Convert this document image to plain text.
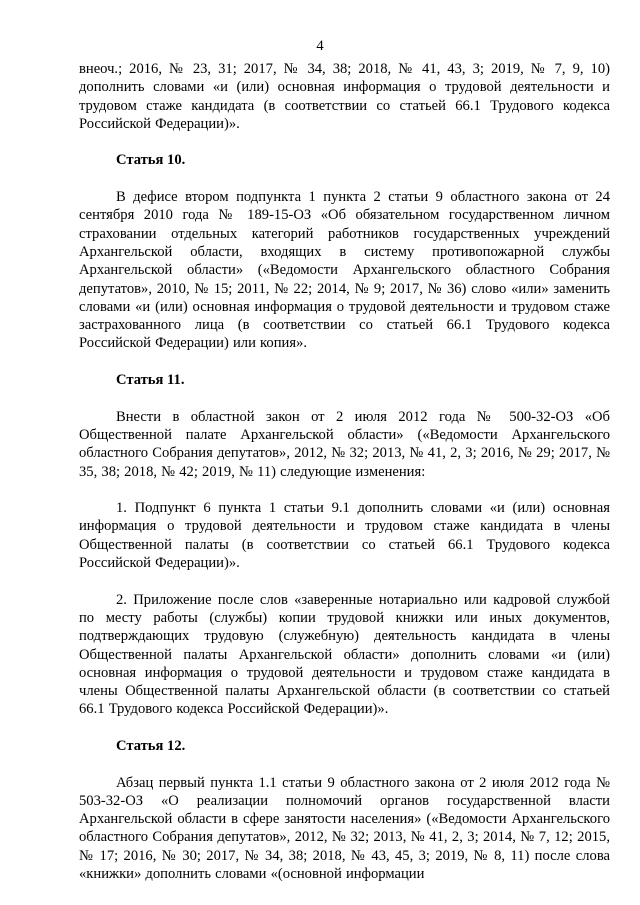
4

внеоч.; 2016, № 23, 31; 2017, № 34, 38; 2018, № 41, 43, 3; 2019, № 7, 9, 10) дополнить словами «и (или) основная информация о трудовой деятельности и трудовом стаже кандидата (в соответствии со статьей 66.1 Трудового кодекса Российской Федерации)».

Статья 10.

В дефисе втором подпункта 1 пункта 2 статьи 9 областного закона от 24 сентября 2010 года № 189-15-ОЗ «Об обязательном государственном личном страховании отдельных категорий работников государственных учреждений Архангельской области, входящих в систему противопожарной службы Архангельской области» («Ведомости Архангельского областного Собрания депутатов», 2010, № 15; 2011, № 22; 2014, № 9; 2017, № 36) слово «или» заменить словами «и (или) основная информация о трудовой деятельности и трудовом стаже застрахованного лица (в соответствии со статьей 66.1 Трудового кодекса Российской Федерации) или копия».

Статья 11.

Внести в областной закон от 2 июля 2012 года № 500-32-ОЗ «Об Общественной палате Архангельской области» («Ведомости Архангельского областного Собрания депутатов», 2012, № 32; 2013, № 41, 2, 3; 2016, № 29; 2017, № 35, 38; 2018, № 42; 2019, № 11) следующие изменения:

1. Подпункт 6 пункта 1 статьи 9.1 дополнить словами «и (или) основная информация о трудовой деятельности и трудовом стаже кандидата в члены Общественной палаты (в соответствии со статьей 66.1 Трудового кодекса Российской Федерации)».

2. Приложение после слов «заверенные нотариально или кадровой службой по месту работы (службы) копии трудовой книжки или иных документов, подтверждающих трудовую (служебную) деятельность кандидата в члены Общественной палаты Архангельской области» дополнить словами «и (или) основная информация о трудовой деятельности и трудовом стаже кандидата в члены Общественной палаты Архангельской области (в соответствии со статьей 66.1 Трудового кодекса Российской Федерации)».

Статья 12.

Абзац первый пункта 1.1 статьи 9 областного закона от 2 июля 2012 года № 503-32-ОЗ «О реализации полномочий органов государственной власти Архангельской области в сфере занятости населения» («Ведомости Архангельского областного Собрания депутатов», 2012, № 32; 2013, № 41, 2, 3; 2014, № 7, 12; 2015, № 17; 2016, № 30; 2017, № 34, 38; 2018, № 43, 45, 3; 2019, № 8, 11) после слова «книжки» дополнить словами «(основной информации
